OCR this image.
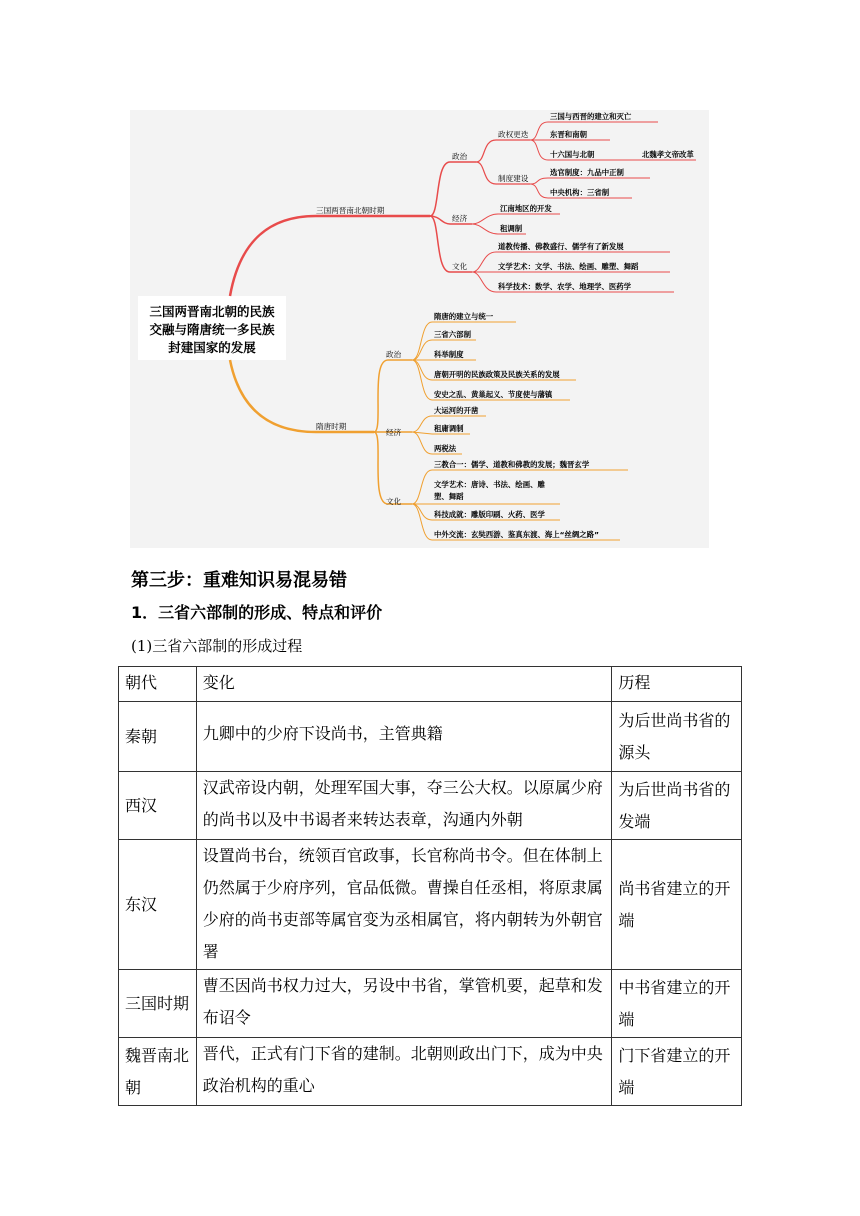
三国两晋南北朝的民族
交融与隋唐统一多民族
封建国家的发展
三国两晋南北朝时期
政治
经济
文化
政权更迭
制度建设
三国与西晋的建立和灭亡
东晋和南朝
十六国与北朝	北魏孝文帝改革
选官制度：九品中正制
中央机构：三省制
江南地区的开发
租调制
道教传播、佛教盛行、儒学有了新发展
文学艺术：文学、书法、绘画、雕塑、舞蹈
科学技术：数学、农学、地理学、医药学
隋唐时期
政治
经济
文化
隋唐的建立与统一
三省六部制
科举制度
唐朝开明的民族政策及民族关系的发展
安史之乱、黄巢起义、节度使与藩镇
大运河的开凿
租庸调制
两税法
三教合一：儒学、道教和佛教的发展；魏晋玄学
文学艺术：唐诗、书法、绘画、雕
塑、舞蹈
科技成就：雕版印刷、火药、医学
中外交流：玄奘西游、鉴真东渡、海上“丝绸之路”
第三步：重难知识易混易错
1．三省六部制的形成、特点和评价
(1)三省六部制的形成过程
朝代	变化	历程
秦朝	九卿中的少府下设尚书，主管典籍	为后世尚书省的源头
西汉	汉武帝设内朝，处理军国大事，夺三公大权。以原属少府的尚书以及中书谒者来转达表章，沟通内外朝	为后世尚书省的发端
东汉	设置尚书台，统领百官政事，长官称尚书令。但在体制上仍然属于少府序列，官品低微。曹操自任丞相，将原隶属少府的尚书吏部等属官变为丞相属官，将内朝转为外朝官署	尚书省建立的开端
三国时期	曹丕因尚书权力过大，另设中书省，掌管机要，起草和发布诏令	中书省建立的开端
魏晋南北朝	晋代，正式有门下省的建制。北朝则政出门下，成为中央政治机构的重心	门下省建立的开端
